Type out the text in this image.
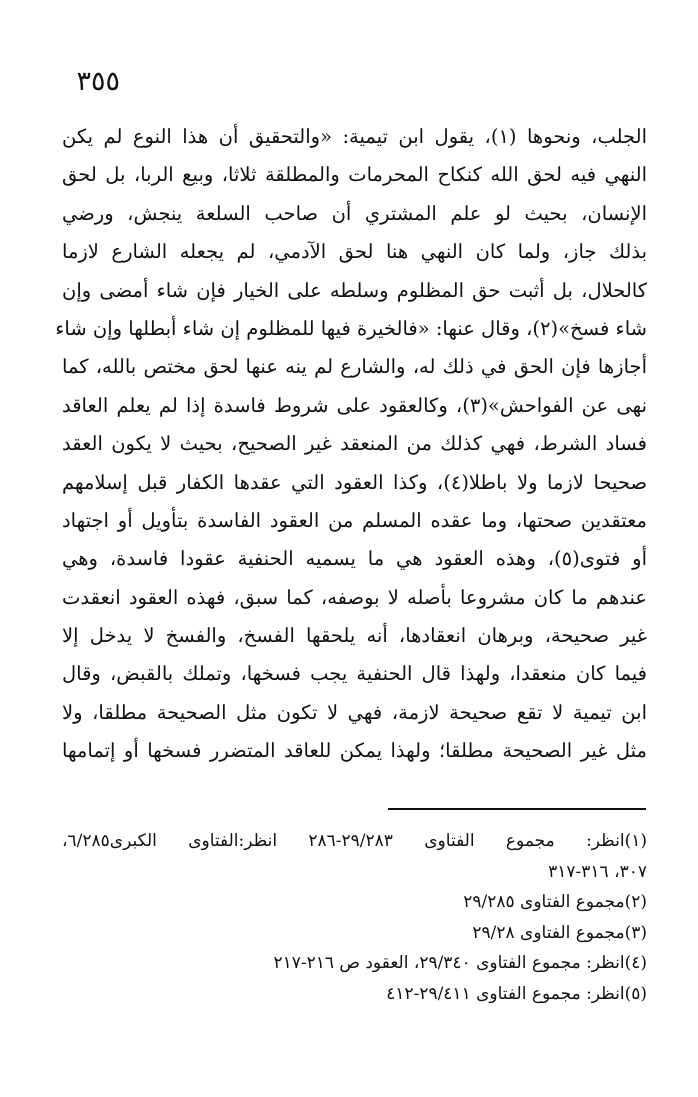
٣٥٥
الجلب، ونحوها (١)، يقول ابن تيمية: «والتحقيق أن هذا النوع لم يكن
النهي فيه لحق الله كنكاح المحرمات والمطلقة ثلاثا، وبيع الربا، بل لحق
الإنسان، بحيث لو علم المشتري أن صاحب السلعة ينجش، ورضي
بذلك جاز، ولما كان النهي هنا لحق الآدمي، لم يجعله الشارع لازما
كالحلال، بل أثبت حق المظلوم وسلطه على الخيار فإن شاء أمضى وإن
شاء فسخ»(٢)، وقال عنها: «فالخيرة فيها للمظلوم إن شاء أبطلها وإن شاء
أجازها فإن الحق في ذلك له، والشارع لم ينه عنها لحق مختص بالله، كما
نهى عن الفواحش»(٣)، وكالعقود على شروط فاسدة إذا لم يعلم العاقد
فساد الشرط، فهي كذلك من المنعقد غير الصحيح، بحيث لا يكون العقد
صحيحا لازما ولا باطلا(٤)، وكذا العقود التي عقدها الكفار قبل إسلامهم
معتقدين صحتها، وما عقده المسلم من العقود الفاسدة بتأويل أو اجتهاد
أو فتوى(٥)، وهذه العقود هي ما يسميه الحنفية عقودا فاسدة، وهي
عندهم ما كان مشروعا بأصله لا بوصفه، كما سبق، فهذه العقود انعقدت
غير صحيحة، وبرهان انعقادها، أنه يلحقها الفسخ، والفسخ لا يدخل إلا
فيما كان منعقدا، ولهذا قال الحنفية يجب فسخها، وتملك بالقبض، وقال
ابن تيمية لا تقع صحيحة لازمة، فهي لا تكون مثل الصحيحة مطلقا، ولا
مثل غير الصحيحة مطلقا؛ ولهذا يمكن للعاقد المتضرر فسخها أو إتمامها
(١)انظر: مجموع الفتاوى ٢٩/٢٨٣-٢٨٦ انظر:الفتاوى الكبرى٦/٢٨٥،
٣٠٧، ٣١٦-٣١٧
(٢)مجموع الفتاوى ٢٩/٢٨٥
(٣)مجموع الفتاوى ٢٩/٢٨
(٤)انظر: مجموع الفتاوى ٢٩/٣٤٠، العقود ص ٢١٦-٢١٧
(٥)انظر: مجموع الفتاوى ٢٩/٤١١-٤١٢
